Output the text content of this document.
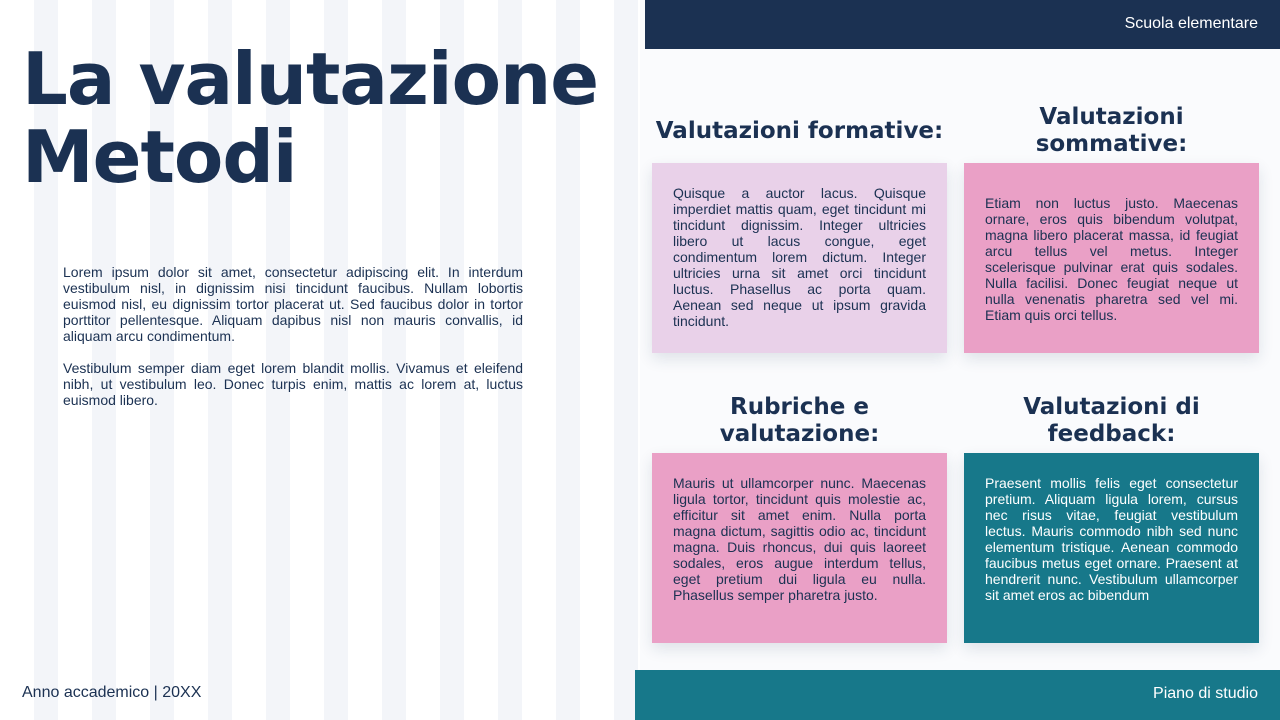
La valutazione
Metodi

Lorem ipsum dolor sit amet, consectetur adipiscing elit. In interdum vestibulum nisl, in dignissim nisi tincidunt faucibus. Nullam lobortis euismod nisl, eu dignissim tortor placerat ut. Sed faucibus dolor in tortor porttitor pellentesque. Aliquam dapibus nisl non mauris convallis, id aliquam arcu condimentum.

Vestibulum semper diam eget lorem blandit mollis. Vivamus et eleifend nibh, ut vestibulum leo. Donec turpis enim, mattis ac lorem at, luctus euismod libero.

Scuola elementare
Valutazioni formative:
Quisque a auctor lacus. Quisque imperdiet mattis quam, eget tincidunt mi tincidunt dignissim. Integer ultricies libero ut lacus congue, eget condimentum lorem dictum. Integer ultricies urna sit amet orci tincidunt luctus. Phasellus ac porta quam. Aenean sed neque ut ipsum gravida tincidunt.
Valutazioni sommative:
Etiam non luctus justo. Maecenas ornare, eros quis bibendum volutpat, magna libero placerat massa, id feugiat arcu tellus vel metus. Integer scelerisque pulvinar erat quis sodales. Nulla facilisi. Donec feugiat neque ut nulla venenatis pharetra sed vel mi. Etiam quis orci tellus.
Rubriche e valutazione:
Mauris ut ullamcorper nunc. Maecenas ligula tortor, tincidunt quis molestie ac, efficitur sit amet enim. Nulla porta magna dictum, sagittis odio ac, tincidunt magna. Duis rhoncus, dui quis laoreet sodales, eros augue interdum tellus, eget pretium dui ligula eu nulla. Phasellus semper pharetra justo.
Valutazioni di feedback:
Praesent mollis felis eget consectetur pretium. Aliquam ligula lorem, cursus nec risus vitae, feugiat vestibulum lectus. Mauris commodo nibh sed nunc elementum tristique. Aenean commodo faucibus metus eget ornare. Praesent at hendrerit nunc. Vestibulum ullamcorper sit amet eros ac bibendum
Piano di studio
Anno accademico | 20XX
